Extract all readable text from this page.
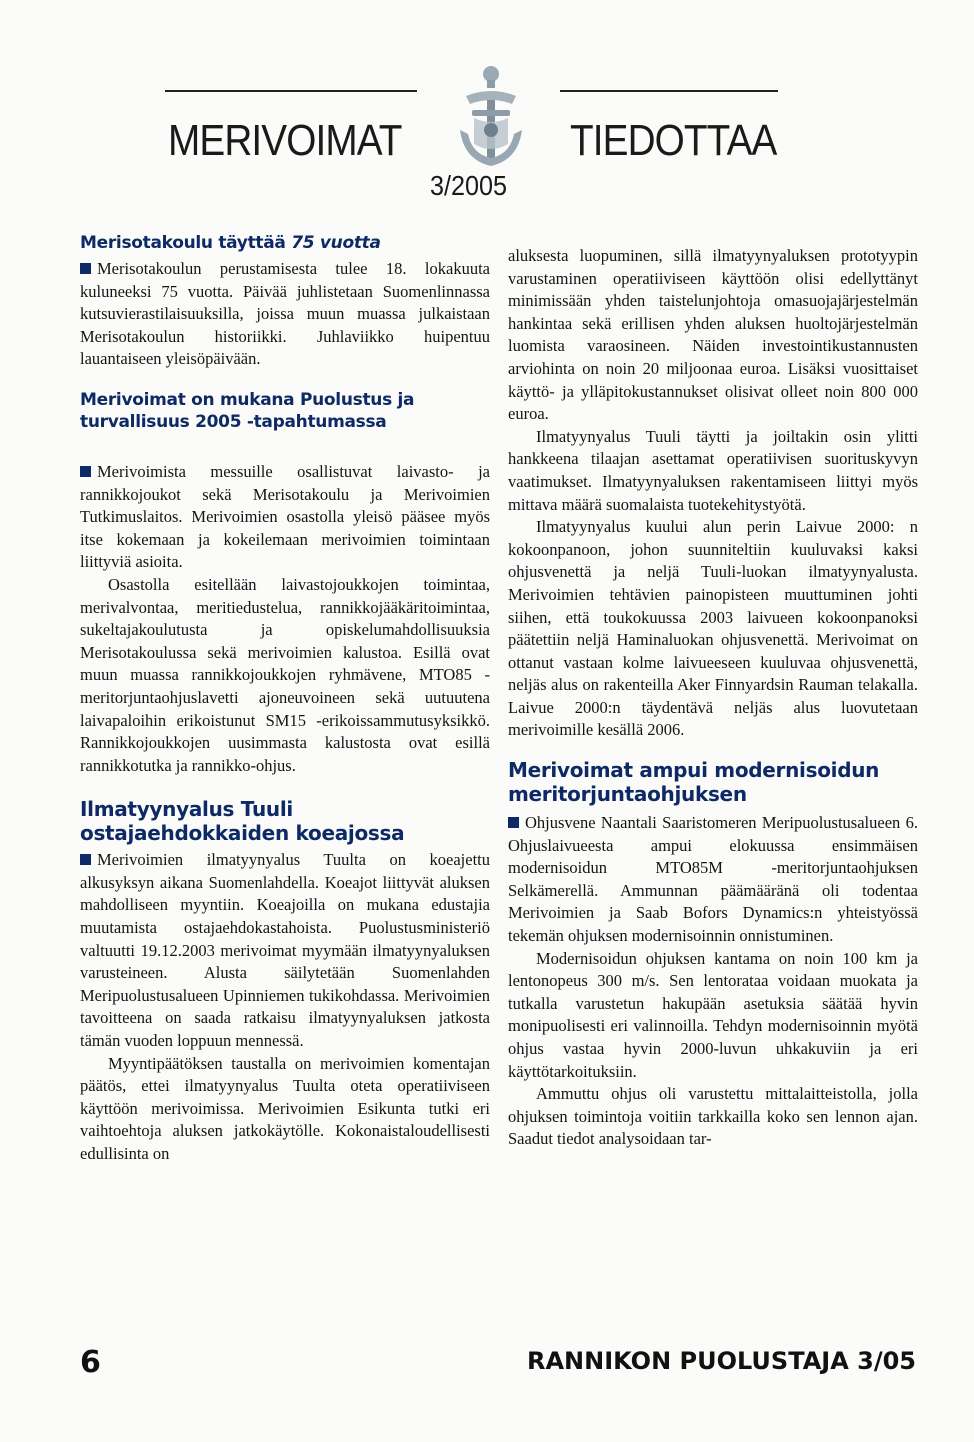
MERIVOIMAT	TIEDOTTAA
3/2005
Merisotakoulu täyttää 75 vuotta

Merisotakoulun perustamisesta tulee 18. lokakuuta kuluneeksi 75 vuotta. Päivää juhlistetaan Suomenlinnassa kutsuvierastilaisuuksilla, joissa muun muassa julkaistaan Merisotakoulun historiikki. Juhlaviikko huipentuu lauantaiseen yleisöpäivään.

Merivoimat on mukana Puolustus ja turvallisuus 2005 -tapahtumassa

Merivoimista messuille osallistuvat laivasto- ja rannikkojoukot sekä Merisotakoulu ja Merivoimien Tutkimuslaitos. Merivoimien osastolla yleisö pääsee myös itse kokemaan ja kokeilemaan merivoimien toimintaan liittyviä asioita.

Osastolla esitellään laivastojoukkojen toimintaa, merivalvontaa, meritiedustelua, rannikkojääkäritoimintaa, sukeltajakoulutusta ja opiskelumahdollisuuksia Merisotakoulussa sekä merivoimien kalustoa. Esillä ovat muun muassa rannikkojoukkojen ryhmävene, MTO85 -meritorjuntaohjuslavetti ajoneuvoineen sekä uutuutena laivapaloihin erikoistunut SM15 -erikoissammutusyksikkö. Rannikkojoukkojen uusimmasta kalustosta ovat esillä rannikkotutka ja rannikko-ohjus.

Ilmatyynyalus Tuuli ostajaehdokkaiden koeajossa

Merivoimien ilmatyynyalus Tuulta on koeajettu alkusyksyn aikana Suomenlahdella. Koeajot liittyvät aluksen mahdolliseen myyntiin. Koeajoilla on mukana edustajia muutamista ostajaehdokastahoista. Puolustusministeriö valtuutti 19.12.2003 merivoimat myymään ilmatyynyaluksen varusteineen. Alusta säilytetään Suomenlahden Meripuolustusalueen Upinniemen tukikohdassa. Merivoimien tavoitteena on saada ratkaisu ilmatyynyaluksen jatkosta tämän vuoden loppuun mennessä.

Myyntipäätöksen taustalla on merivoimien komentajan päätös, ettei ilmatyynyalus Tuulta oteta operatiiviseen käyttöön merivoimissa. Merivoimien Esikunta tutki eri vaihtoehtoja aluksen jatkokäytölle. Kokonaistaloudellisesti edullisinta on

aluksesta luopuminen, sillä ilmatyynyaluksen prototyypin varustaminen operatiiviseen käyttöön olisi edellyttänyt minimissään yhden taistelunjohtoja omasuojajärjestelmän hankintaa sekä erillisen yhden aluksen huoltojärjestelmän luomista varaosineen. Näiden investointikustannusten arviohinta on noin 20 miljoonaa euroa. Lisäksi vuosittaiset käyttö- ja ylläpitokustannukset olisivat olleet noin 800 000 euroa.

Ilmatyynyalus Tuuli täytti ja joiltakin osin ylitti hankkeena tilaajan asettamat operatiivisen suorituskyvyn vaatimukset. Ilmatyynyaluksen rakentamiseen liittyi myös mittava määrä suomalaista tuotekehitystyötä.

Ilmatyynyalus kuului alun perin Laivue 2000: n kokoonpanoon, johon suunniteltiin kuuluvaksi kaksi ohjusvenettä ja neljä Tuuli-luokan ilmatyynyalusta. Merivoimien tehtävien painopisteen muuttuminen johti siihen, että toukokuussa 2003 laivueen kokoonpanoksi päätettiin neljä Haminaluokan ohjusvenettä. Merivoimat on ottanut vastaan kolme laivueeseen kuuluvaa ohjusvenettä, neljäs alus on rakenteilla Aker Finnyardsin Rauman telakalla. Laivue 2000:n täydentävä neljäs alus luovutetaan merivoimille kesällä 2006.

Merivoimat ampui modernisoidun meritorjuntaohjuksen

Ohjusvene Naantali Saaristomeren Meripuolustusalueen 6. Ohjuslaivueesta ampui elokuussa ensimmäisen modernisoidun MTO85M -meritorjuntaohjuksen Selkämerellä. Ammunnan päämääränä oli todentaa Merivoimien ja Saab Bofors Dynamics:n yhteistyössä tekemän ohjuksen modernisoinnin onnistuminen.

Modernisoidun ohjuksen kantama on noin 100 km ja lentonopeus 300 m/s. Sen lentorataa voidaan muokata ja tutkalla varustetun hakupään asetuksia säätää hyvin monipuolisesti eri valinnoilla. Tehdyn modernisoinnin myötä ohjus vastaa hyvin 2000-luvun uhkakuviin ja eri käyttötarkoituksiin.

Ammuttu ohjus oli varustettu mittalaitteistolla, jolla ohjuksen toimintoja voitiin tarkkailla koko sen lennon ajan. Saadut tiedot analysoidaan tar-

6	RANNIKON PUOLUSTAJA 3/05
